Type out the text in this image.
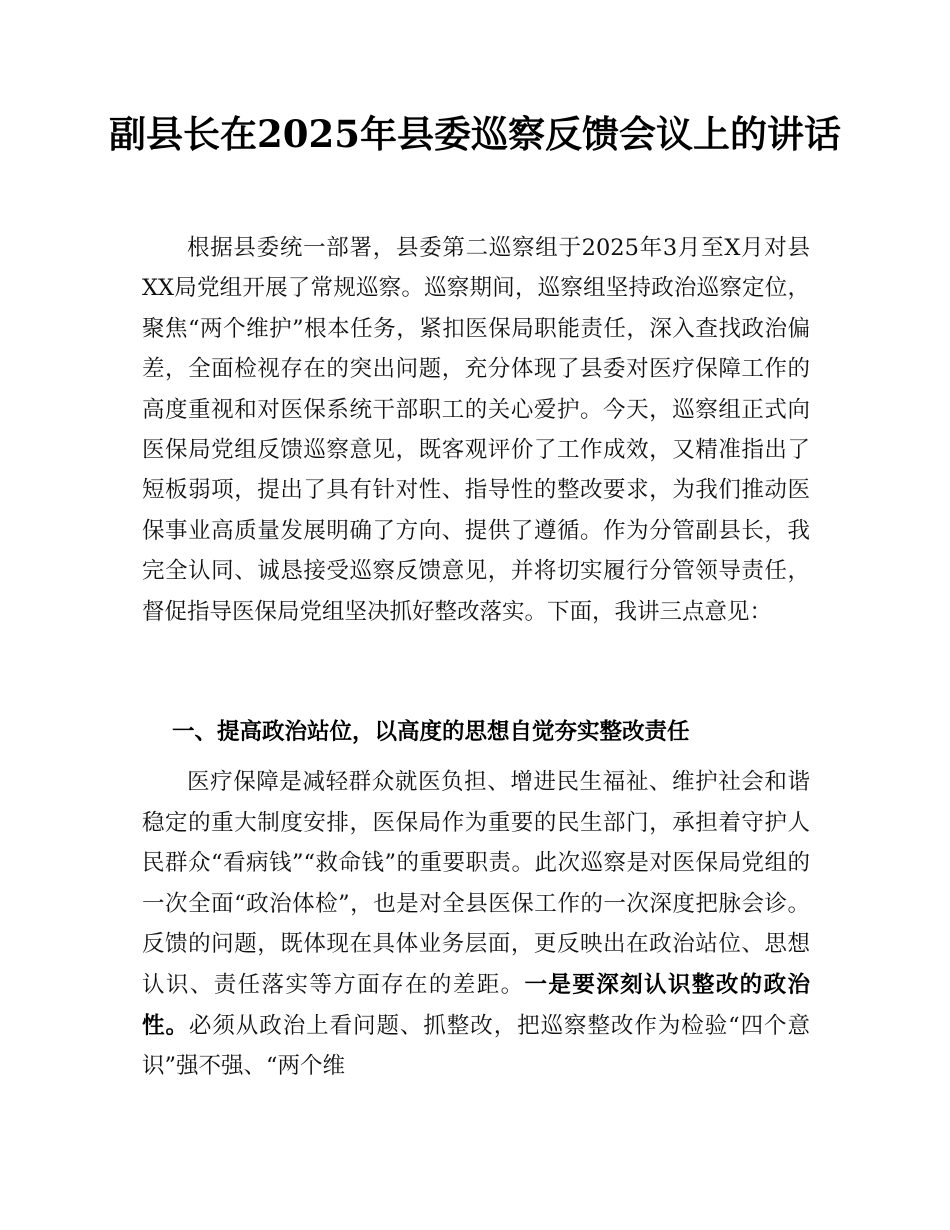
副县长在2025年县委巡察反馈会议上的讲话

根据县委统一部署，县委第二巡察组于2025年3月至X月对县XX局党组开展了常规巡察。巡察期间，巡察组坚持政治巡察定位，聚焦“两个维护”根本任务，紧扣医保局职能责任，深入查找政治偏差，全面检视存在的突出问题，充分体现了县委对医疗保障工作的高度重视和对医保系统干部职工的关心爱护。今天，巡察组正式向医保局党组反馈巡察意见，既客观评价了工作成效，又精准指出了短板弱项，提出了具有针对性、指导性的整改要求，为我们推动医保事业高质量发展明确了方向、提供了遵循。作为分管副县长，我完全认同、诚恳接受巡察反馈意见，并将切实履行分管领导责任，督促指导医保局党组坚决抓好整改落实。下面，我讲三点意见：

一、提高政治站位，以高度的思想自觉夯实整改责任

医疗保障是减轻群众就医负担、增进民生福祉、维护社会和谐稳定的重大制度安排，医保局作为重要的民生部门，承担着守护人民群众“看病钱”“救命钱”的重要职责。此次巡察是对医保局党组的一次全面“政治体检”，也是对全县医保工作的一次深度把脉会诊。反馈的问题，既体现在具体业务层面，更反映出在政治站位、思想认识、责任落实等方面存在的差距。一是要深刻认识整改的政治性。必须从政治上看问题、抓整改，把巡察整改作为检验“四个意识”强不强、“两个维
